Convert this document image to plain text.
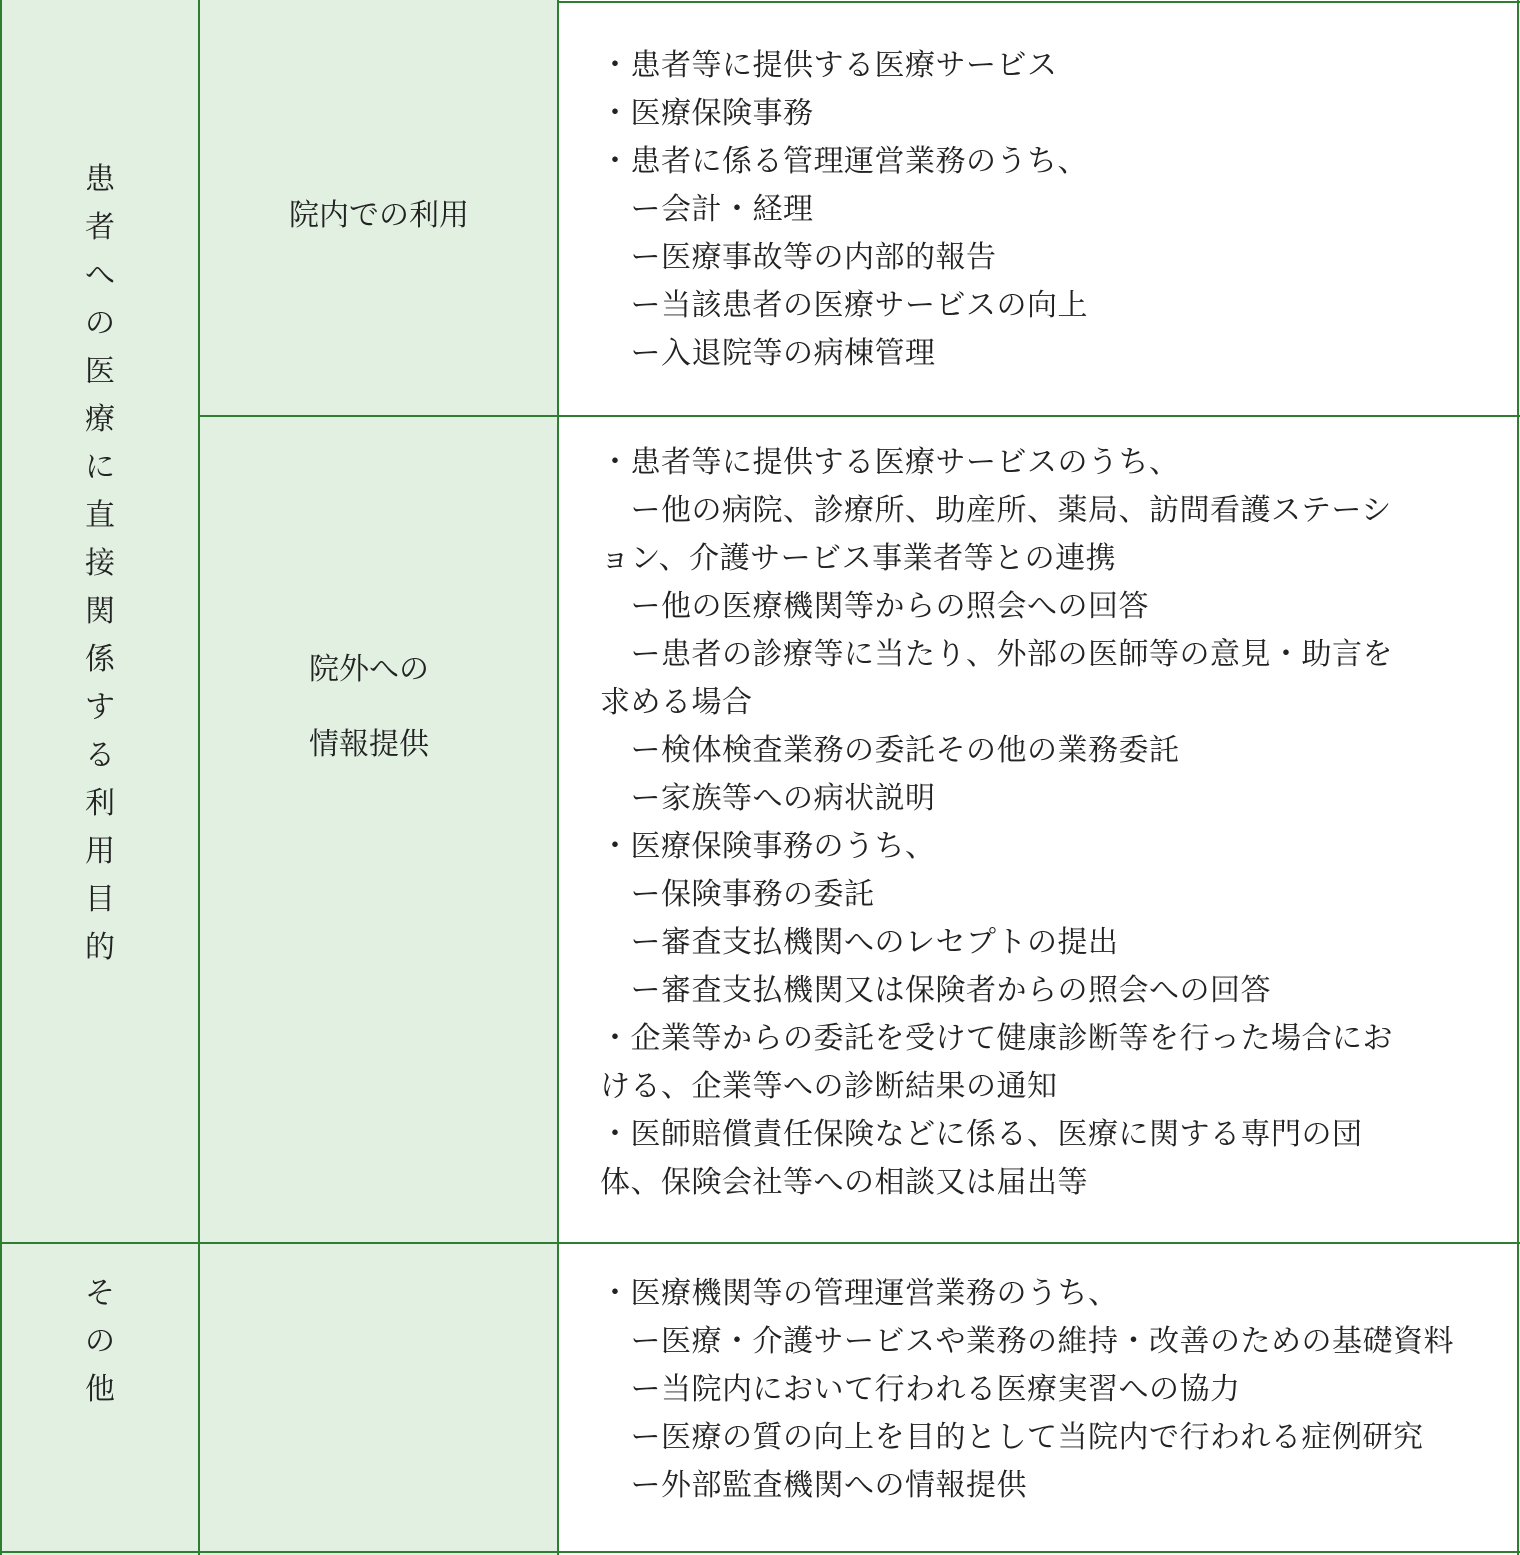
患
者
へ
の
医
療
に
直
接
関
係
す
る
利
用
目
的
そ
の
他
院内での利用
院外への
情報提供
・患者等に提供する医療サービス
・医療保険事務
・患者に係る管理運営業務のうち、
　ー会計・経理
　ー医療事故等の内部的報告
　ー当該患者の医療サービスの向上
　ー入退院等の病棟管理
・患者等に提供する医療サービスのうち、
　ー他の病院、診療所、助産所、薬局、訪問看護ステーシ
ョン、介護サービス事業者等との連携
　ー他の医療機関等からの照会への回答
　ー患者の診療等に当たり、外部の医師等の意見・助言を
求める場合
　ー検体検査業務の委託その他の業務委託
　ー家族等への病状説明
・医療保険事務のうち、
　ー保険事務の委託
　ー審査支払機関へのレセプトの提出
　ー審査支払機関又は保険者からの照会への回答
・企業等からの委託を受けて健康診断等を行った場合にお
ける、企業等への診断結果の通知
・医師賠償責任保険などに係る、医療に関する専門の団
体、保険会社等への相談又は届出等
・医療機関等の管理運営業務のうち、
　ー医療・介護サービスや業務の維持・改善のための基礎資料
　ー当院内において行われる医療実習への協力
　ー医療の質の向上を目的として当院内で行われる症例研究
　ー外部監査機関への情報提供
